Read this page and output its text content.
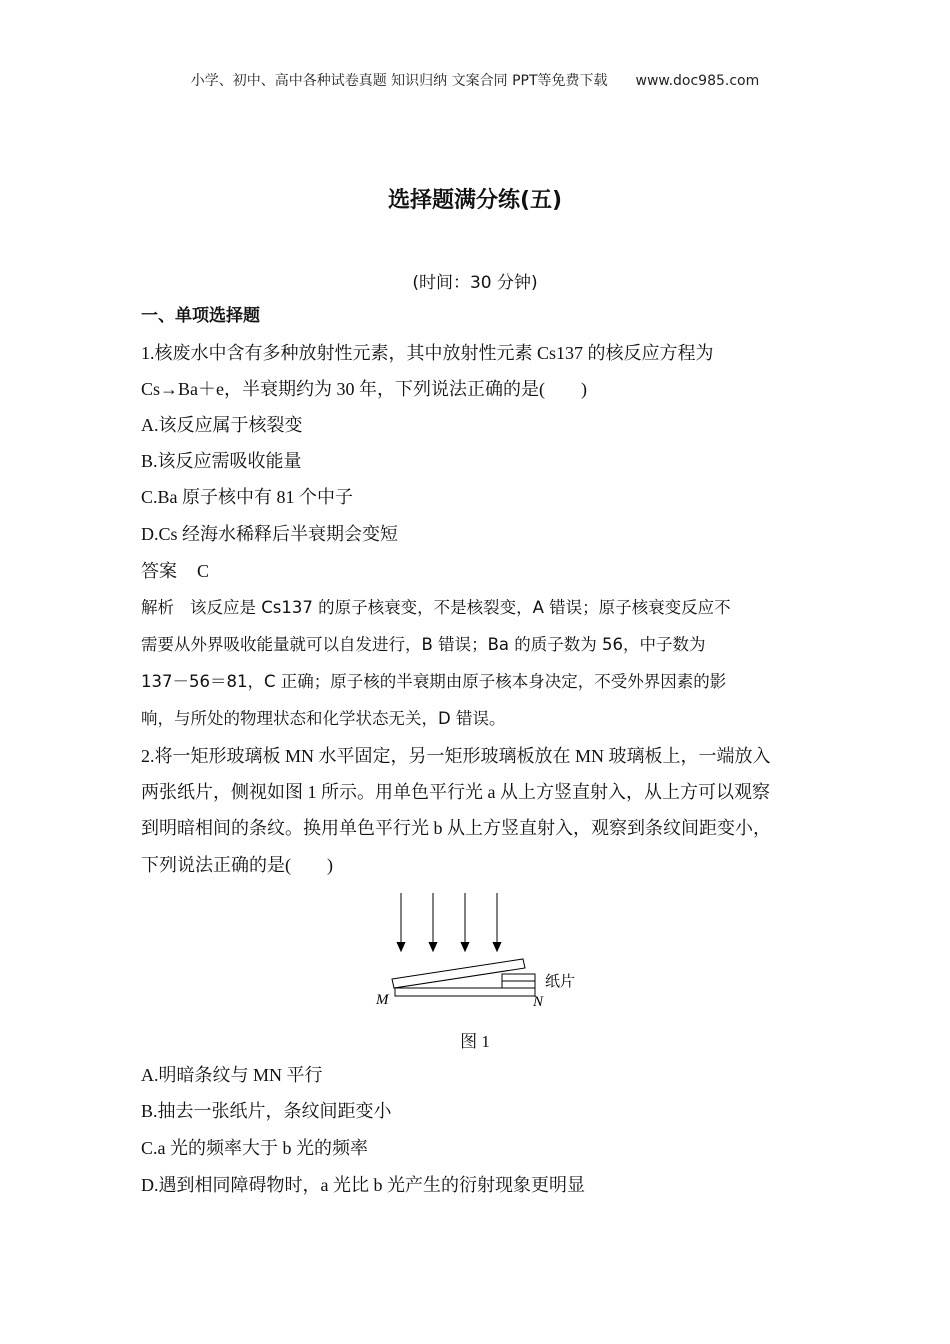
小学、初中、高中各种试卷真题 知识归纳 文案合同 PPT等免费下载 www.doc985.com
选择题满分练(五)
(时间：30 分钟)
一、单项选择题
1.核废水中含有多种放射性元素，其中放射性元素 Cs137 的核反应方程为
Cs→Ba＋e，半衰期约为 30 年，下列说法正确的是(　　)
A.该反应属于核裂变
B.该反应需吸收能量
C.Ba 原子核中有 81 个中子
D.Cs 经海水稀释后半衰期会变短
答案 C
解析 该反应是 Cs137 的原子核衰变，不是核裂变，A 错误；原子核衰变反应不
需要从外界吸收能量就可以自发进行，B 错误；Ba 的质子数为 56，中子数为
137－56＝81，C 正确；原子核的半衰期由原子核本身决定，不受外界因素的影
响，与所处的物理状态和化学状态无关，D 错误。
2.将一矩形玻璃板 MN 水平固定，另一矩形玻璃板放在 MN 玻璃板上，一端放入
两张纸片，侧视如图 1 所示。用单色平行光 a 从上方竖直射入，从上方可以观察
到明暗相间的条纹。换用单色平行光 b 从上方竖直射入，观察到条纹间距变小，
下列说法正确的是(　　)
纸片
M	N
图 1
A.明暗条纹与 MN 平行
B.抽去一张纸片，条纹间距变小
C.a 光的频率大于 b 光的频率
D.遇到相同障碍物时，a 光比 b 光产生的衍射现象更明显
